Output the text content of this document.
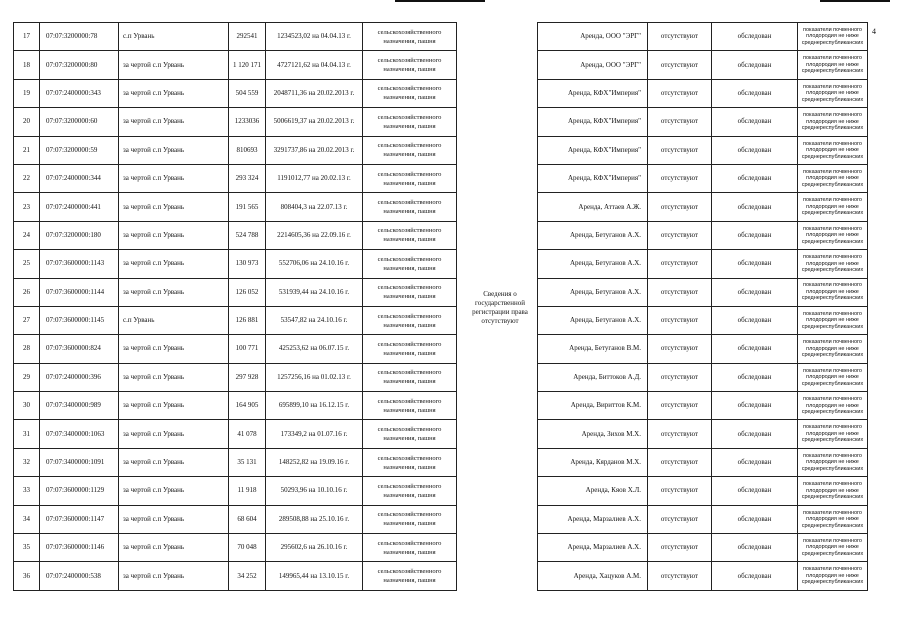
17	07:07:3200000:78	с.п Урвань	292541	1234523,02 на 04.04.13 г.	сельскохозяйственного назначения, пашня
18	07:07:3200000:80	за чертой с.п Урвань	1 120 171	4727121,62 на 04.04.13 г.	сельскохозяйственного назначения, пашня
19	07:07:2400000:343	за чертой с.п Урвань	504 559	2048711,36 на 20.02.2013 г.	сельскохозяйственного назначения, пашня
20	07:07:3200000:60	за чертой с.п Урвань	1233036	5006619,37 на 20.02.2013 г.	сельскохозяйственного назначения, пашня
21	07:07:3200000:59	за чертой с.п Урвань	810693	3291737,86 на 20.02.2013 г.	сельскохозяйственного назначения, пашня
22	07:07:2400000:344	за чертой с.п Урвань	293 324	1191012,77 на 20.02.13 г.	сельскохозяйственного назначения, пашня
23	07:07:2400000:441	за чертой с.п Урвань	191 565	808404,3 на 22.07.13 г.	сельскохозяйственного назначения, пашня
24	07:07:3200000:180	за чертой с.п Урвань	524 788	2214605,36 на 22.09.16 г.	сельскохозяйственного назначения, пашня
25	07:07:3600000:1143	за чертой с.п Урвань	130 973	552706,06 на 24.10.16 г.	сельскохозяйственного назначения, пашня
26	07:07:3600000:1144	за чертой с.п Урвань	126 052	531939,44 на 24.10.16 г.	сельскохозяйственного назначения, пашня
27	07:07:3600000:1145	с.п Урвань	126 881	53547,82 на 24.10.16 г.	сельскохозяйственного назначения, пашня
28	07:07:3600000:824	за чертой с.п Урвань	100 771	425253,62 на 06.07.15 г.	сельскохозяйственного назначения, пашня
29	07:07:2400000:396	за чертой с.п Урвань	297 928	1257256,16 на 01.02.13 г.	сельскохозяйственного назначения, пашня
30	07:07:3400000:989	за чертой с.п Урвань	164 905	695899,10 на 16.12.15 г.	сельскохозяйственного назначения, пашня
31	07:07:3400000:1063	за чертой с.п Урвань	41 078	173349,2 на 01.07.16 г.	сельскохозяйственного назначения, пашня
32	07:07:3400000:1091	за чертой с.п Урвань	35 131	148252,82 на 19.09.16 г.	сельскохозяйственного назначения, пашня
33	07:07:3600000:1129	за чертой с.п Урвань	11 918	50293,96 на 10.10.16 г.	сельскохозяйственного назначения, пашня
34	07:07:3600000:1147	за чертой с.п Урвань	68 604	289508,88 на 25.10.16 г.	сельскохозяйственного назначения, пашня
35	07:07:3600000:1146	за чертой с.п Урвань	70 048	295602,6 на 26.10.16 г.	сельскохозяйственного назначения, пашня
36	07:07:2400000:538	за чертой с.п Урвань	34 252	149965,44 на 13.10.15 г.	сельскохозяйственного назначения, пашня
Сведения о государственной регистрации права отсутствуют
Аренда, ООО "ЭРГ"	отсутствуют	обследован	показатели почвенного плодородия не ниже среднереспубликанских
Аренда, ООО "ЭРГ"	отсутствуют	обследован	показатели почвенного плодородия не ниже среднереспубликанских
Аренда, КФХ"Империя"	отсутствуют	обследован	показатели почвенного плодородия не ниже среднереспубликанских
Аренда, КФХ"Империя"	отсутствуют	обследован	показатели почвенного плодородия не ниже среднереспубликанских
Аренда, КФХ"Империя"	отсутствуют	обследован	показатели почвенного плодородия не ниже среднереспубликанских
Аренда, КФХ"Империя"	отсутствуют	обследован	показатели почвенного плодородия не ниже среднереспубликанских
Аренда, Аттаев А.Ж.	отсутствуют	обследован	показатели почвенного плодородия не ниже среднереспубликанских
Аренда, Бетуганов А.Х.	отсутствуют	обследован	показатели почвенного плодородия не ниже среднереспубликанских
Аренда, Бетуганов А.Х.	отсутствуют	обследован	показатели почвенного плодородия не ниже среднереспубликанских
Аренда, Бетуганов А.Х.	отсутствуют	обследован	показатели почвенного плодородия не ниже среднереспубликанских
Аренда, Бетуганов А.Х.	отсутствуют	обследован	показатели почвенного плодородия не ниже среднереспубликанских
Аренда, Бетуганов В.М.	отсутствуют	обследован	показатели почвенного плодородия не ниже среднереспубликанских
Аренда, Биттоков А.Д.	отсутствуют	обследован	показатели почвенного плодородия не ниже среднереспубликанских
Аренда, Вириттов К.М.	отсутствуют	обследован	показатели почвенного плодородия не ниже среднереспубликанских
Аренда, Зихов М.Х.	отсутствуют	обследован	показатели почвенного плодородия не ниже среднереспубликанских
Аренда, Кярданов М.Х.	отсутствуют	обследован	показатели почвенного плодородия не ниже среднереспубликанских
Аренда, Кяов Х.Л.	отсутствуют	обследован	показатели почвенного плодородия не ниже среднереспубликанских
Аренда, Марзалиев А.Х.	отсутствуют	обследован	показатели почвенного плодородия не ниже среднереспубликанских
Аренда, Марзалиев А.Х.	отсутствуют	обследован	показатели почвенного плодородия не ниже среднереспубликанских
Аренда, Хацуков А.М.	отсутствуют	обследован	показатели почвенного плодородия не ниже среднереспубликанских
4
